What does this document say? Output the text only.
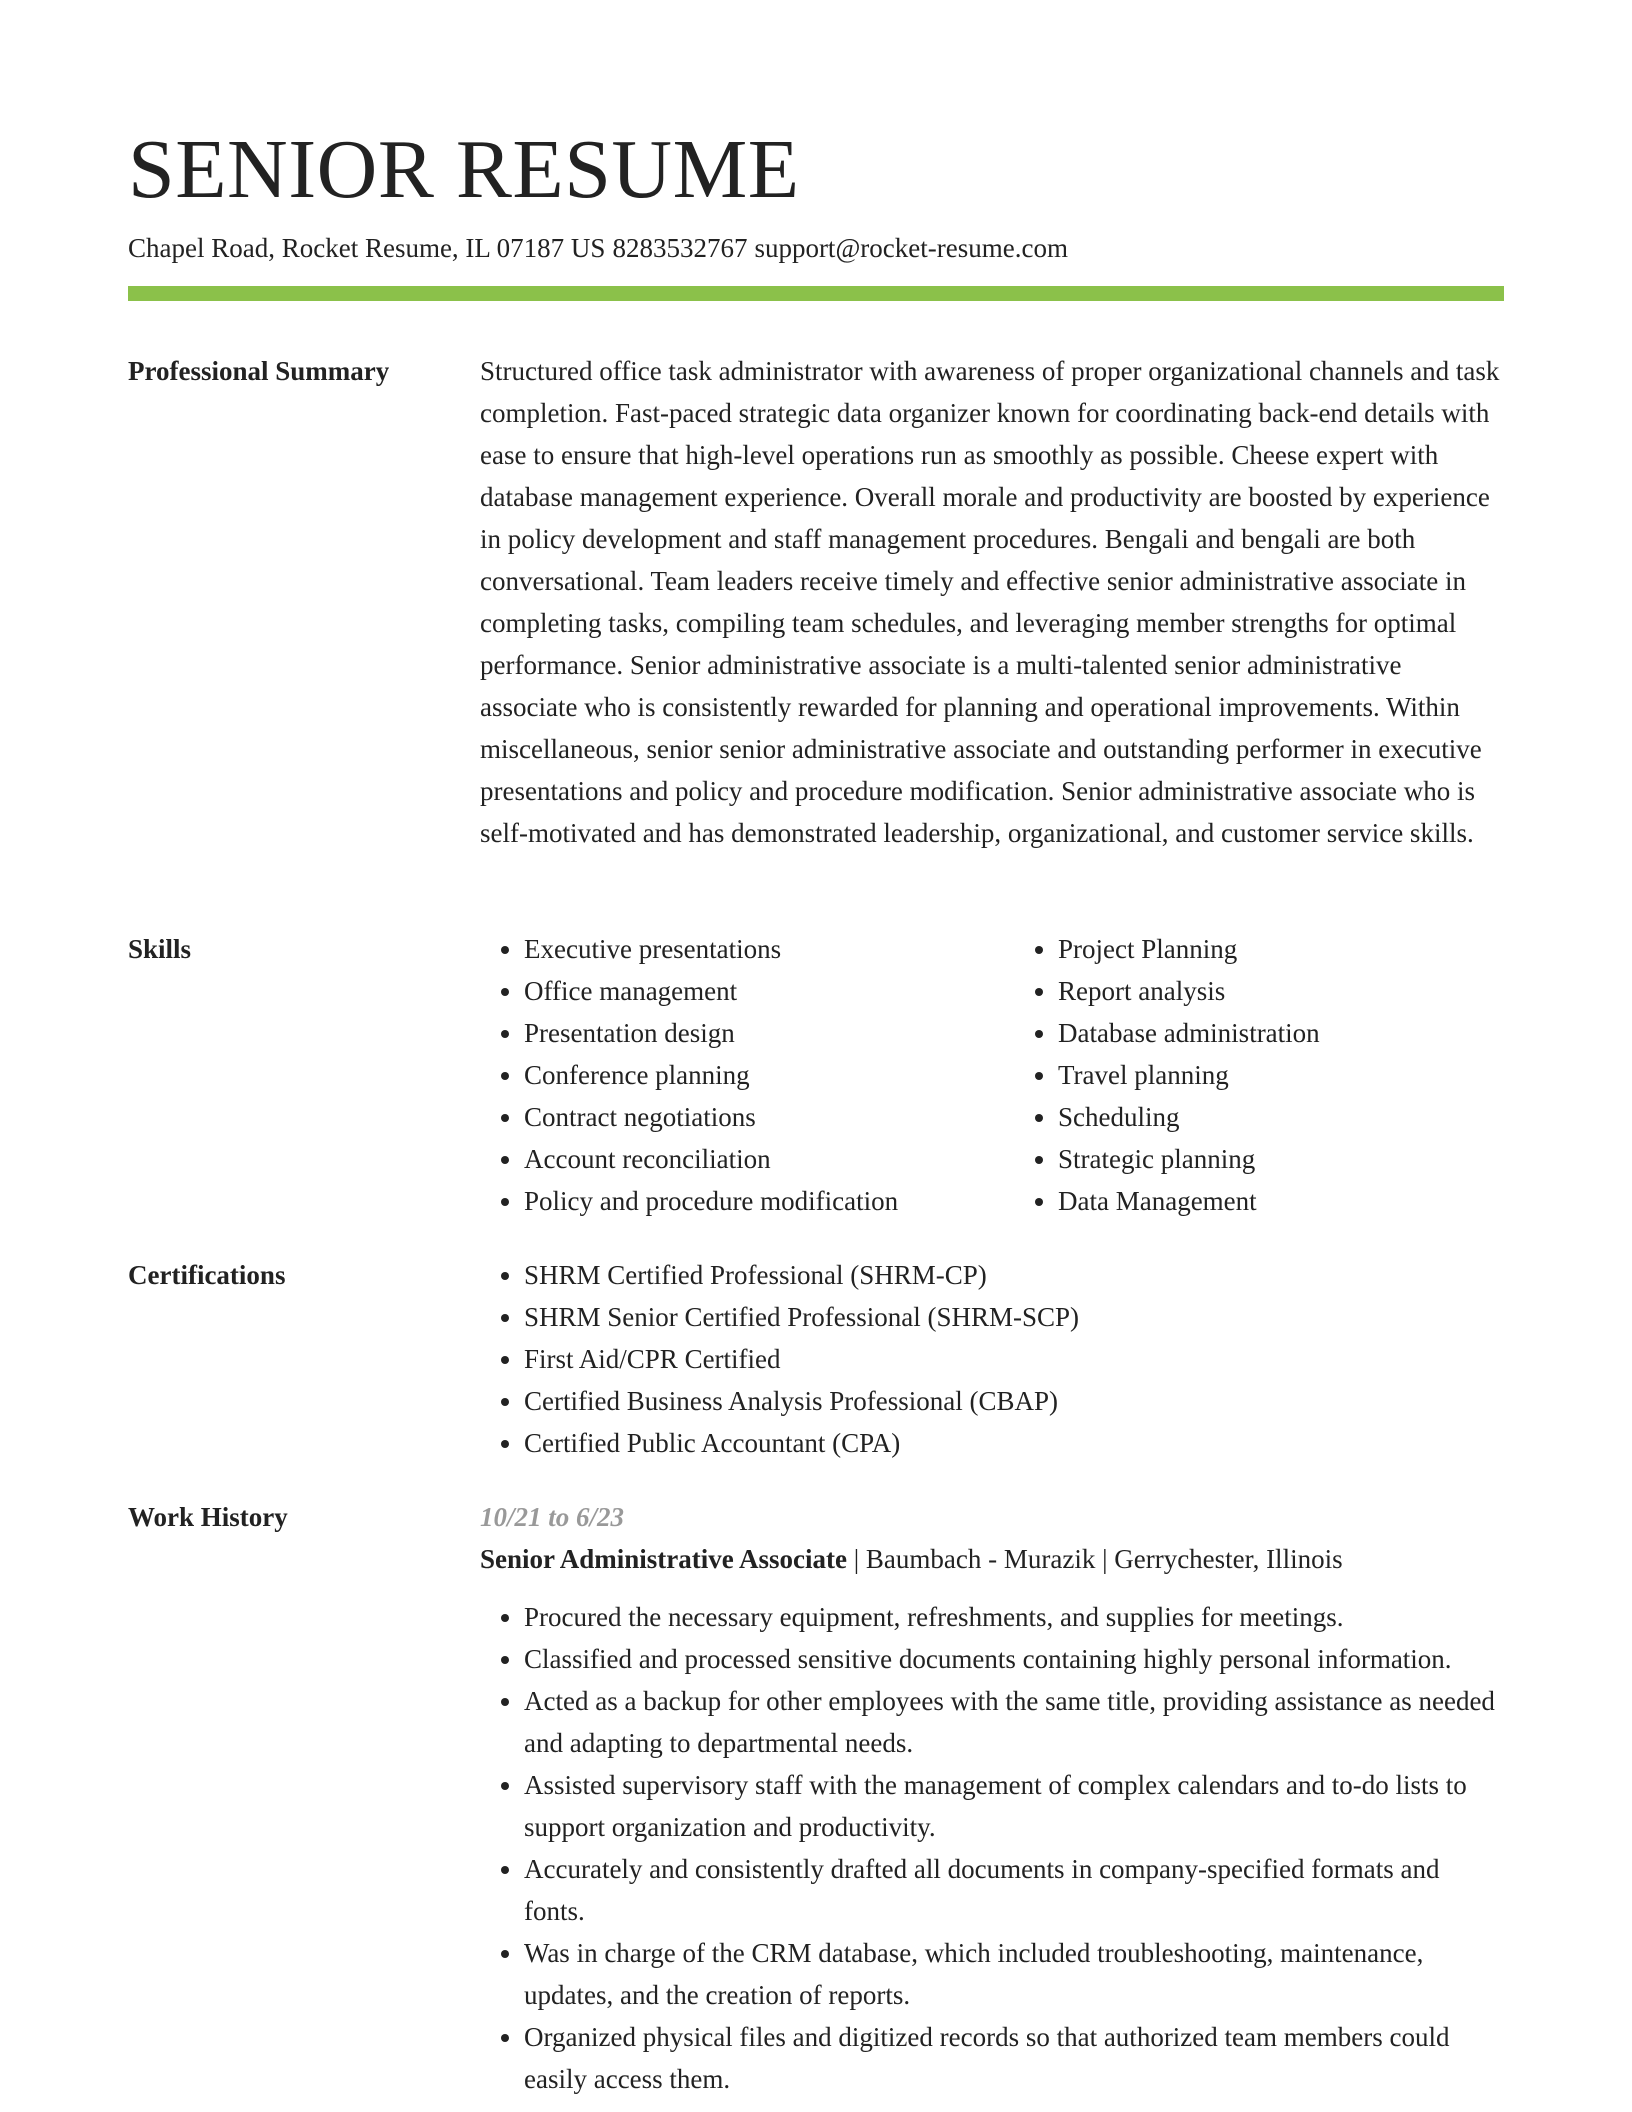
SENIOR RESUME
Chapel Road, Rocket Resume, IL 07187 US 8283532767 support@rocket-resume.com
Professional Summary	Structured office task administrator with awareness of proper organizational channels and task completion. Fast-paced strategic data organizer known for coordinating back-end details with ease to ensure that high-level operations run as smoothly as possible. Cheese expert with database management experience. Overall morale and productivity are boosted by experience in policy development and staff management procedures. Bengali and bengali are both conversational. Team leaders receive timely and effective senior administrative associate in completing tasks, compiling team schedules, and leveraging member strengths for optimal performance. Senior administrative associate is a multi-talented senior administrative associate who is consistently rewarded for planning and operational improvements. Within miscellaneous, senior senior administrative associate and outstanding performer in executive presentations and policy and procedure modification. Senior administrative associate who is self-motivated and has demonstrated leadership, organizational, and customer service skills.

Skills	• Executive presentations
• Office management
• Presentation design
• Conference planning
• Contract negotiations
• Account reconciliation
• Policy and procedure modification
• Project Planning
• Report analysis
• Database administration
• Travel planning
• Scheduling
• Strategic planning
• Data Management
Certifications	• SHRM Certified Professional (SHRM-CP)
• SHRM Senior Certified Professional (SHRM-SCP)
• First Aid/CPR Certified
• Certified Business Analysis Professional (CBAP)
• Certified Public Accountant (CPA)
Work History	10/21 to 6/23
Senior Administrative Associate | Baumbach - Murazik | Gerrychester, Illinois
• Procured the necessary equipment, refreshments, and supplies for meetings.
• Classified and processed sensitive documents containing highly personal information.
• Acted as a backup for other employees with the same title, providing assistance as needed and adapting to departmental needs.
• Assisted supervisory staff with the management of complex calendars and to-do lists to support organization and productivity.
• Accurately and consistently drafted all documents in company-specified formats and fonts.
• Was in charge of the CRM database, which included troubleshooting, maintenance, updates, and the creation of reports.
• Organized physical files and digitized records so that authorized team members could easily access them.
